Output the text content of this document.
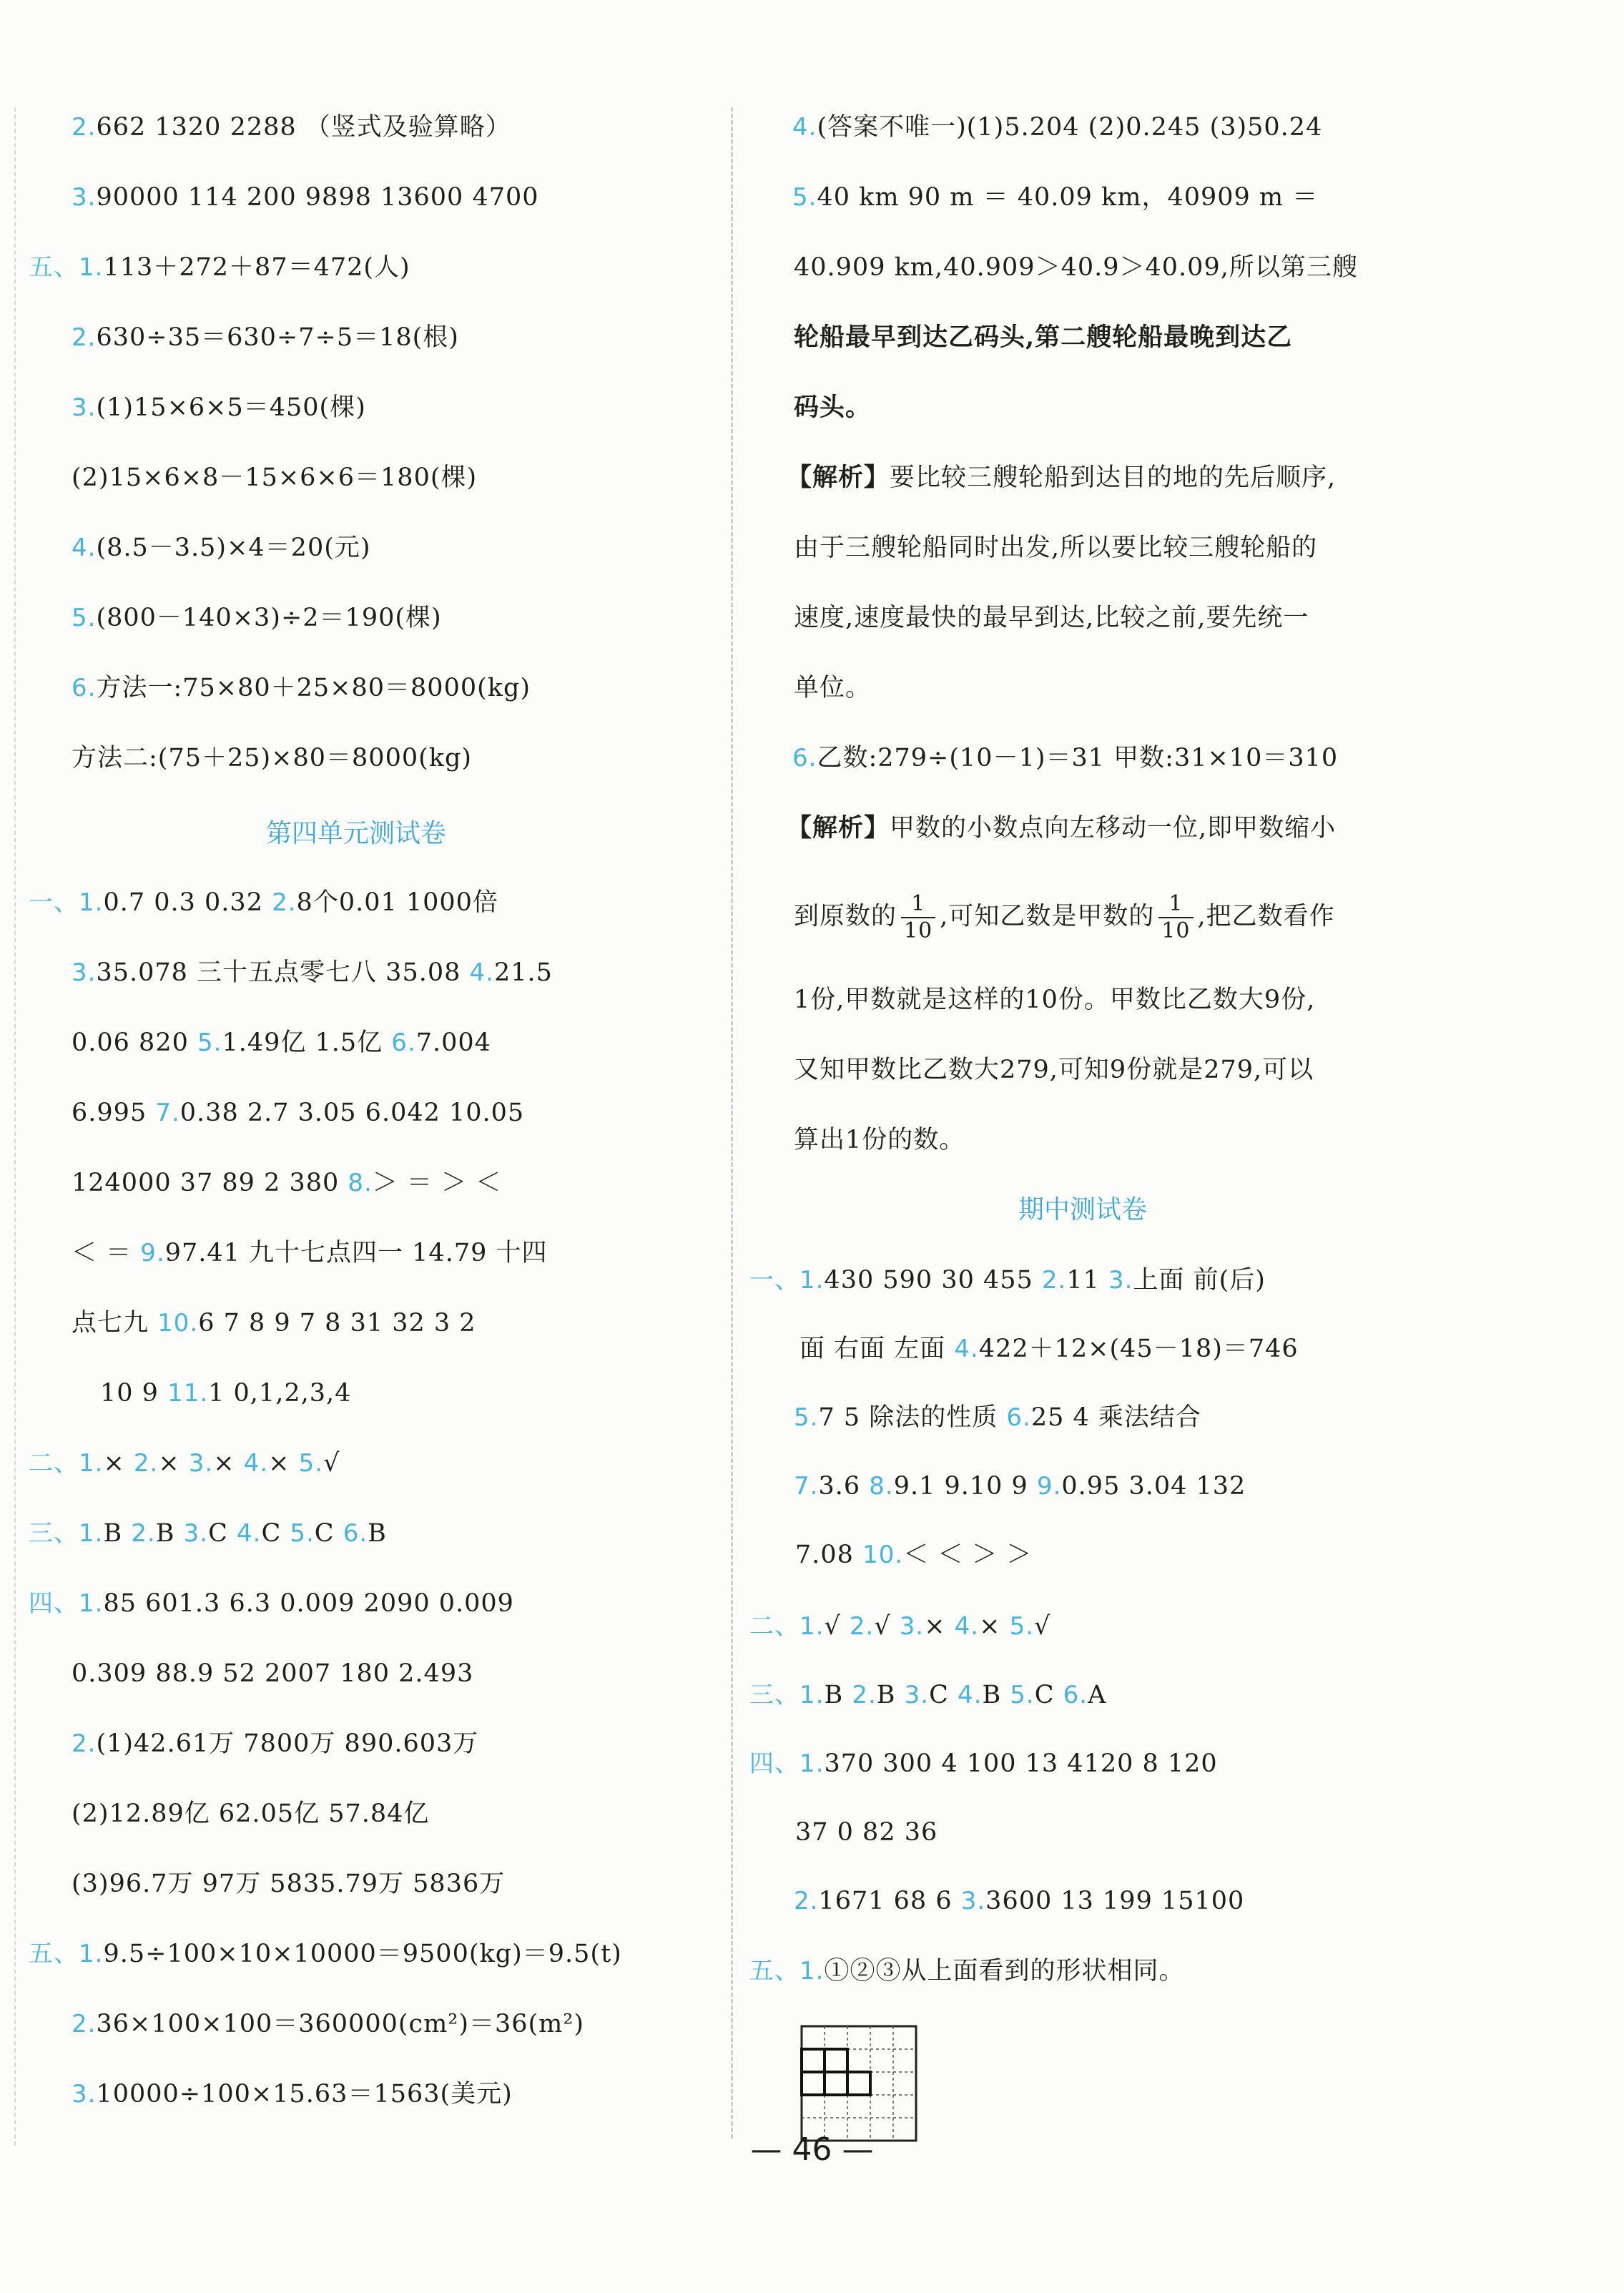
第四单元测试卷
2.662 1320 2288 （竖式及验算略）
3.90000 114 200 9898 13600 4700
五、1.113＋272＋87＝472(人)
2.630÷35＝630÷7÷5＝18(根)
3.(1)15×6×5＝450(棵)
(2)15×6×8－15×6×6＝180(棵)
4.(8.5－3.5)×4＝20(元)
5.(800－140×3)÷2＝190(棵)
6.方法一:75×80＋25×80＝8000(kg)
方法二:(75＋25)×80＝8000(kg)
一、1.0.7 0.3 0.32 2.8个0.01 1000倍
3.35.078 三十五点零七八 35.08 4.21.5
0.06 820 5.1.49亿 1.5亿 6.7.004
6.995 7.0.38 2.7 3.05 6.042 10.05
124000 37 89 2 380 8.＞ ＝ ＞ ＜
＜ ＝ 9.97.41 九十七点四一 14.79 十四
点七九 10.6 7 8 9 7 8 31 32 3 2
10 9 11.1 0,1,2,3,4
二、1.× 2.× 3.× 4.× 5.√
三、1.B 2.B 3.C 4.C 5.C 6.B
四、1.85 601.3 6.3 0.009 2090 0.009
0.309 88.9 52 2007 180 2.493
2.(1)42.61万 7800万 890.603万
(2)12.89亿 62.05亿 57.84亿
(3)96.7万 97万 5835.79万 5836万
五、1.9.5÷100×10×10000＝9500(kg)＝9.5(t)
2.36×100×100＝360000(cm²)＝36(m²)
3.10000÷100×15.63＝1563(美元)
期中测试卷
到原数的 $\frac{1}{10}$ ,可知乙数是甲数的 $\frac{1}{10}$ ,把乙数看作
4.(答案不唯一)(1)5.204 (2)0.245 (3)50.24
5.40 km 90 m ＝ 40.09 km，40909 m ＝
40.909 km,40.909＞40.9＞40.09,所以第三艘
轮船最早到达乙码头,第二艘轮船最晚到达乙
码头。
【解析】要比较三艘轮船到达目的地的先后顺序,
由于三艘轮船同时出发,所以要比较三艘轮船的
速度,速度最快的最早到达,比较之前,要先统一
单位。
6.乙数:279÷(10－1)＝31 甲数:31×10＝310
【解析】甲数的小数点向左移动一位,即甲数缩小
1份,甲数就是这样的10份。甲数比乙数大9份,
又知甲数比乙数大279,可知9份就是279,可以
算出1份的数。
一、1.430 590 30 455 2.11 3.上面 前(后)
面 右面 左面 4.422＋12×(45－18)＝746
5.7 5 除法的性质 6.25 4 乘法结合
7.3.6 8.9.1 9.10 9 9.0.95 3.04 132
7.08 10.＜ ＜ ＞ ＞
二、1.√ 2.√ 3.× 4.× 5.√
三、1.B 2.B 3.C 4.B 5.C 6.A
四、1.370 300 4 100 13 4120 8 120
37 0 82 36
2.1671 68 6 3.3600 13 199 15100
五、1.①②③从上面看到的形状相同。
— 46 —
